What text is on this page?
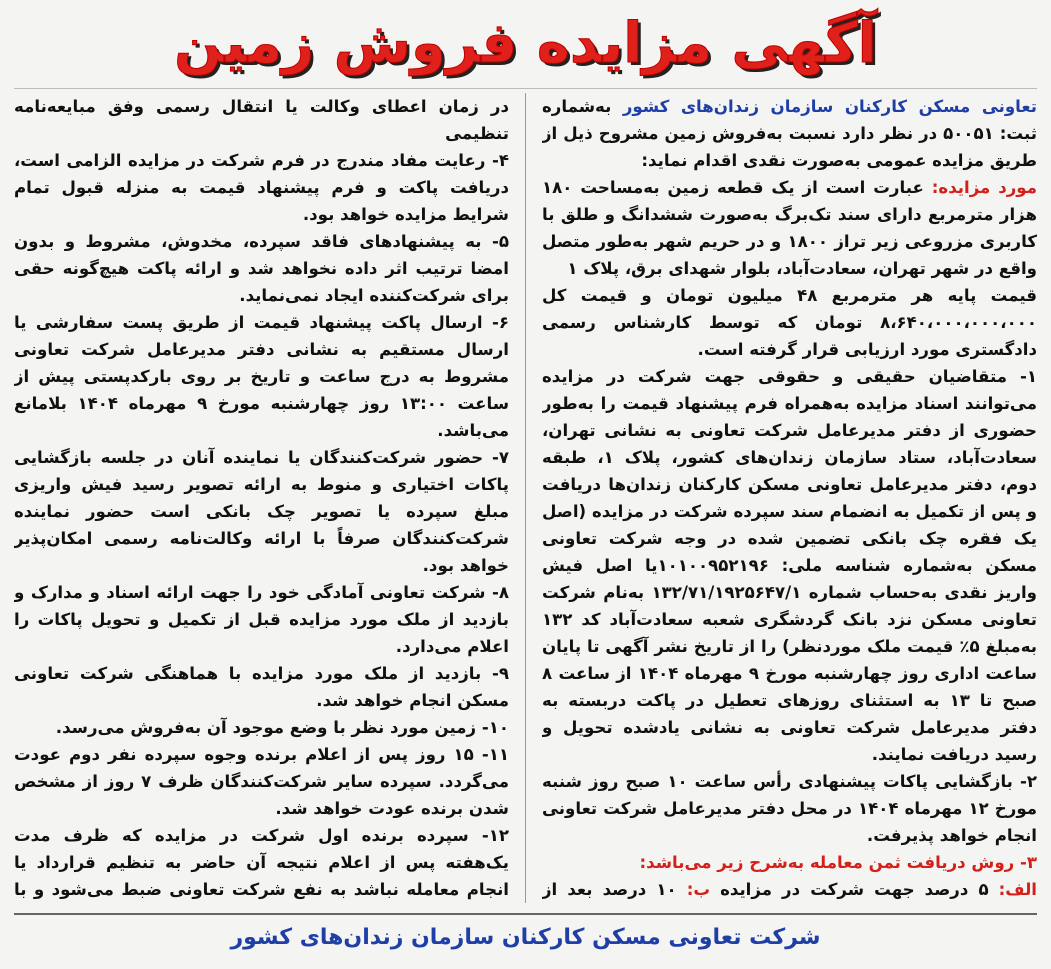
آگهی مزایده فروش زمین

تعاونی مسکن کارکنان سازمان زندان‌های کشور به‌شماره ثبت: ۵۰۰۵۱ در نظر دارد نسبت به‌فروش زمین مشروح ذیل از طریق مزایده عمومی به‌صورت نقدی اقدام نماید:

مورد مزایده: عبارت است از یک قطعه زمین به‌مساحت ۱۸۰ هزار مترمربع دارای سند تک‌برگ به‌صورت ششدانگ و طلق با کاربری مزروعی زیر تراز ۱۸۰۰ و در حریم شهر به‌طور متصل واقع در شهر تهران، سعادت‌آباد، بلوار شهدای برق، پلاک ۱

قیمت پایه هر مترمربع ۴۸ میلیون تومان و قیمت کل ۸،۶۴۰،۰۰۰،۰۰۰،۰۰۰ تومان که توسط کارشناس رسمی دادگستری مورد ارزیابی قرار گرفته است.

۱- متقاضیان حقیقی و حقوقی جهت شرکت در مزایده می‌توانند اسناد مزایده به‌همراه فرم پیشنهاد قیمت را به‌طور حضوری از دفتر مدیرعامل شرکت تعاونی به نشانی تهران، سعادت‌آباد، ستاد سازمان زندان‌های کشور، پلاک ۱، طبقه دوم، دفتر مدیرعامل تعاونی مسکن کارکنان زندان‌ها دریافت و پس از تکمیل به انضمام سند سپرده شرکت در مزایده (اصل یک فقره چک بانکی تضمین شده در وجه شرکت تعاونی مسکن به‌شماره شناسه ملی: ۱۰۱۰۰۹۵۲۱۹۶یا اصل فیش واریز نقدی به‌حساب شماره ۱۳۲/۷۱/۱۹۲۵۶۴۷/۱ به‌نام شرکت تعاونی مسکن نزد بانک گردشگری شعبه سعادت‌آباد کد ۱۳۲ به‌مبلغ ۵٪ قیمت ملک موردنظر) را از تاریخ نشر آگهی تا پایان ساعت اداری روز چهارشنبه مورخ ۹ مهرماه ۱۴۰۴ از ساعت ۸ صبح تا ۱۳ به استثنای روزهای تعطیل در پاکت دربسته به دفتر مدیرعامل شرکت تعاونی به نشانی یادشده تحویل و رسید دریافت نمایند.

۲- بازگشایی پاکات پیشنهادی رأس ساعت ۱۰ صبح روز شنبه مورخ ۱۲ مهرماه ۱۴۰۴ در محل دفتر مدیرعامل شرکت تعاونی انجام خواهد پذیرفت.

۳- روش دریافت ثمن معامله به‌شرح زیر می‌باشد:

الف: ۵ درصد جهت شرکت در مزایده ب: ۱۰ درصد بعد از

در زمان اعطای وکالت یا انتقال رسمی وفق مبایعه‌نامه تنظیمی

۴- رعایت مفاد مندرج در فرم شرکت در مزایده الزامی است، دریافت پاکت و فرم پیشنهاد قیمت به منزله قبول تمام شرایط مزایده خواهد بود.

۵- به پیشنهادهای فاقد سپرده، مخدوش، مشروط و بدون امضا ترتیب اثر داده نخواهد شد و ارائه پاکت هیچ‌گونه حقی برای شرکت‌کننده ایجاد نمی‌نماید.

۶- ارسال پاکت پیشنهاد قیمت از طریق پست سفارشی یا ارسال مستقیم به نشانی دفتر مدیرعامل شرکت تعاونی مشروط به درج ساعت و تاریخ بر روی بارکدپستی پیش از ساعت ۱۳:۰۰ روز چهارشنبه مورخ ۹ مهرماه ۱۴۰۴ بلامانع می‌باشد.

۷- حضور شرکت‌کنندگان یا نماینده آنان در جلسه بازگشایی پاکات اختیاری و منوط به ارائه تصویر رسید فیش واریزی مبلغ سپرده یا تصویر چک بانکی است حضور نماینده شرکت‌کنندگان صرفاً با ارائه وکالت‌نامه رسمی امکان‌پذیر خواهد بود.

۸- شرکت تعاونی آمادگی خود را جهت ارائه اسناد و مدارک و بازدید از ملک مورد مزایده قبل از تکمیل و تحویل پاکات را اعلام می‌دارد.

۹- بازدید از ملک مورد مزایده با هماهنگی شرکت تعاونی مسکن انجام خواهد شد.

۱۰- زمین مورد نظر با وضع موجود آن به‌فروش می‌رسد.

۱۱- ۱۵ روز پس از اعلام برنده وجوه سپرده نفر دوم عودت می‌گردد. سپرده سایر شرکت‌کنندگان ظرف ۷ روز از مشخص شدن برنده عودت خواهد شد.

۱۲- سپرده برنده اول شرکت در مزایده که ظرف مدت یک‌هفته پس از اعلام نتیجه آن حاضر به تنظیم قرارداد یا انجام معامله نباشد به نفع شرکت تعاونی ضبط می‌شود و با

شرکت تعاونی مسکن کارکنان سازمان زندان‌های کشور
